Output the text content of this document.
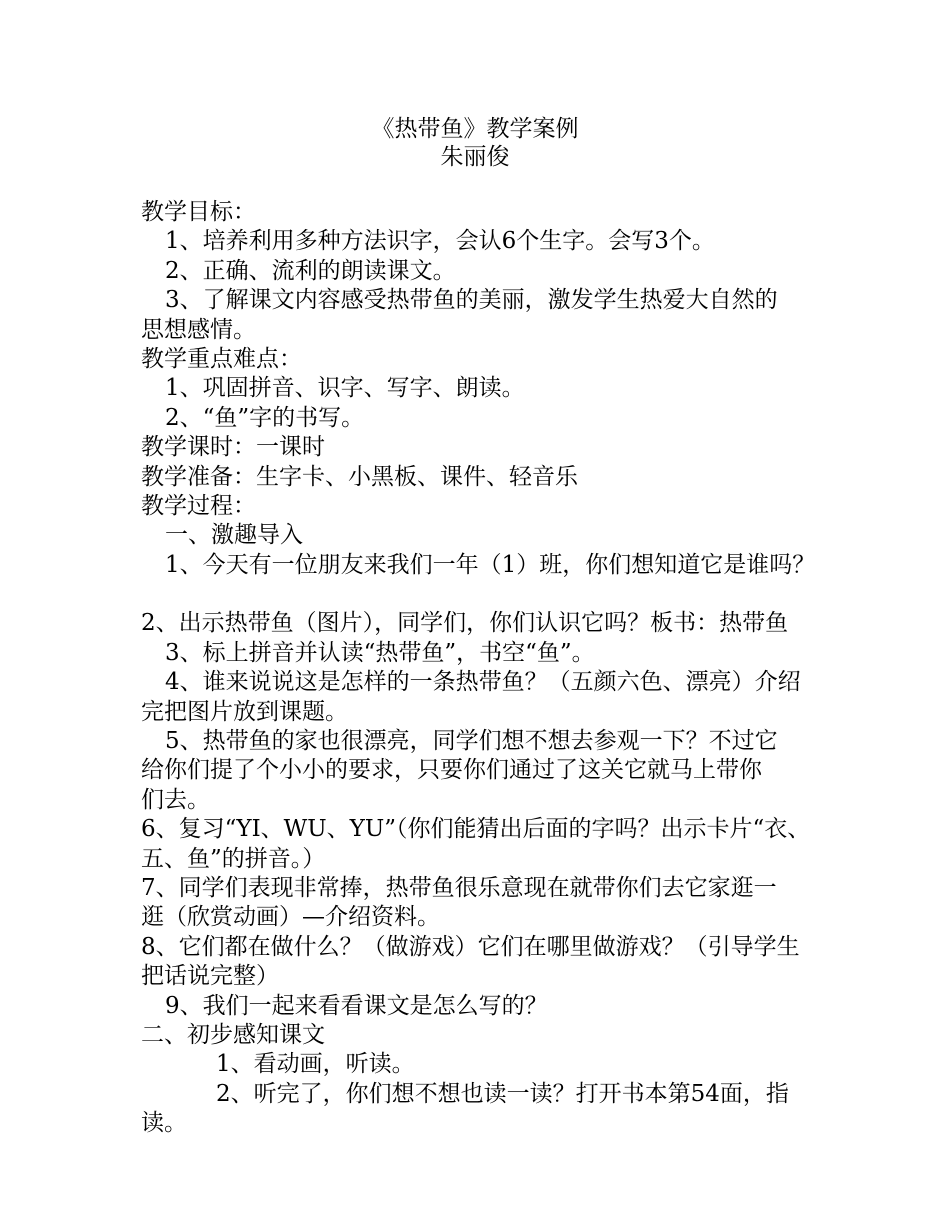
《热带鱼》教学案例
朱丽俊
教学目标：
1、培养利用多种方法识字，会认6个生字。会写3个。
2、正确、流利的朗读课文。
3、了解课文内容感受热带鱼的美丽，激发学生热爱大自然的
思想感情。
教学重点难点：
1、巩固拼音、识字、写字、朗读。
2、“鱼”字的书写。
教学课时：一课时
教学准备：生字卡、小黑板、课件、轻音乐
教学过程：
一、激趣导入
1、今天有一位朋友来我们一年（1）班，你们想知道它是谁吗？
2、出示热带鱼（图片），同学们，你们认识它吗？板书：热带鱼
3、标上拼音并认读“热带鱼”，书空“鱼”。
4、谁来说说这是怎样的一条热带鱼？（五颜六色、漂亮）介绍
完把图片放到课题。
5、热带鱼的家也很漂亮，同学们想不想去参观一下？不过它
给你们提了个小小的要求，只要你们通过了这关它就马上带你
们去。
6、复习“YI、WU、YU”（你们能猜出后面的字吗？出示卡片“衣、
五、鱼”的拼音。）
7、同学们表现非常捧，热带鱼很乐意现在就带你们去它家逛一
逛（欣赏动画）—介绍资料。
8、它们都在做什么？（做游戏）它们在哪里做游戏？（引导学生
把话说完整）
9、我们一起来看看课文是怎么写的？
二、初步感知课文
1、看动画，听读。
2、听完了，你们想不想也读一读？打开书本第54面，指
读。
